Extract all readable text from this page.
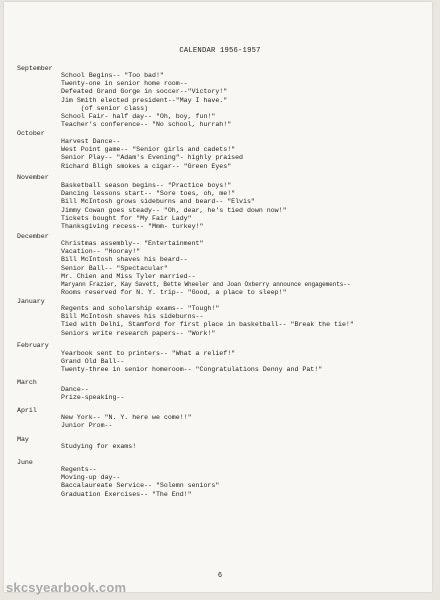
CALENDAR 1956-1957
September
School Begins-- "Too bad!"
Twenty-one in senior home room--
Defeated Grand Gorge in soccer--"Victory!"
Jim Smith elected president--"May I have."
(of senior class)
School Fair- half day-- "Oh, boy, fun!"
Teacher's conference-- "No school, hurrah!"
October
Harvest Dance--
West Point game-- "Senior girls and cadets!"
Senior Play-- "Adam's Evening"- highly praised
Richard Bligh smokes a cigar-- "Green Eyes"
November
Basketball season begins-- "Practice boys!"
Dancing lessons start-- "Sore toes, oh, me!"
Bill McIntosh grows sideburns and beard-- "Elvis"
Jimmy Cowan goes steady-- "Oh, dear, he's tied down now!"
Tickets bought for "My Fair Lady"
Thanksgiving recess-- "Mmm- turkey!"
December
Christmas assembly-- "Entertainment"
Vacation-- "Hooray!"
Bill McIntosh shaves his beard--
Senior Ball-- "Spectacular"
Mr. Chien and Miss Tyler married--
Maryann Frazier, Kay Savett, Bette Wheeler and Joan Oxberry announce engagements--
Rooms reserved for N. Y. trip-- "Good, a place to sleep!"
January
Regents and scholarship exams-- "Tough!"
Bill McIntosh shaves his sideburns--
Tied with Delhi, Stamford for first place in basketball-- "Break the tie!"
Seniors write research papers-- "Work!"
February
Yearbook sent to printers-- "What a relief!"
Grand Old Ball--
Twenty-three in senior homeroom-- "Congratulations Denny and Pat!"
March
Dance--
Prize-speaking--
April
New York-- "N. Y. here we come!!"
Junior Prom--
May
Studying for exams!
June
Regents--
Moving-up day--
Baccalaureate Service-- "Solemn seniors"
Graduation Exercises-- "The End!"
6
skcsyearbook.com
